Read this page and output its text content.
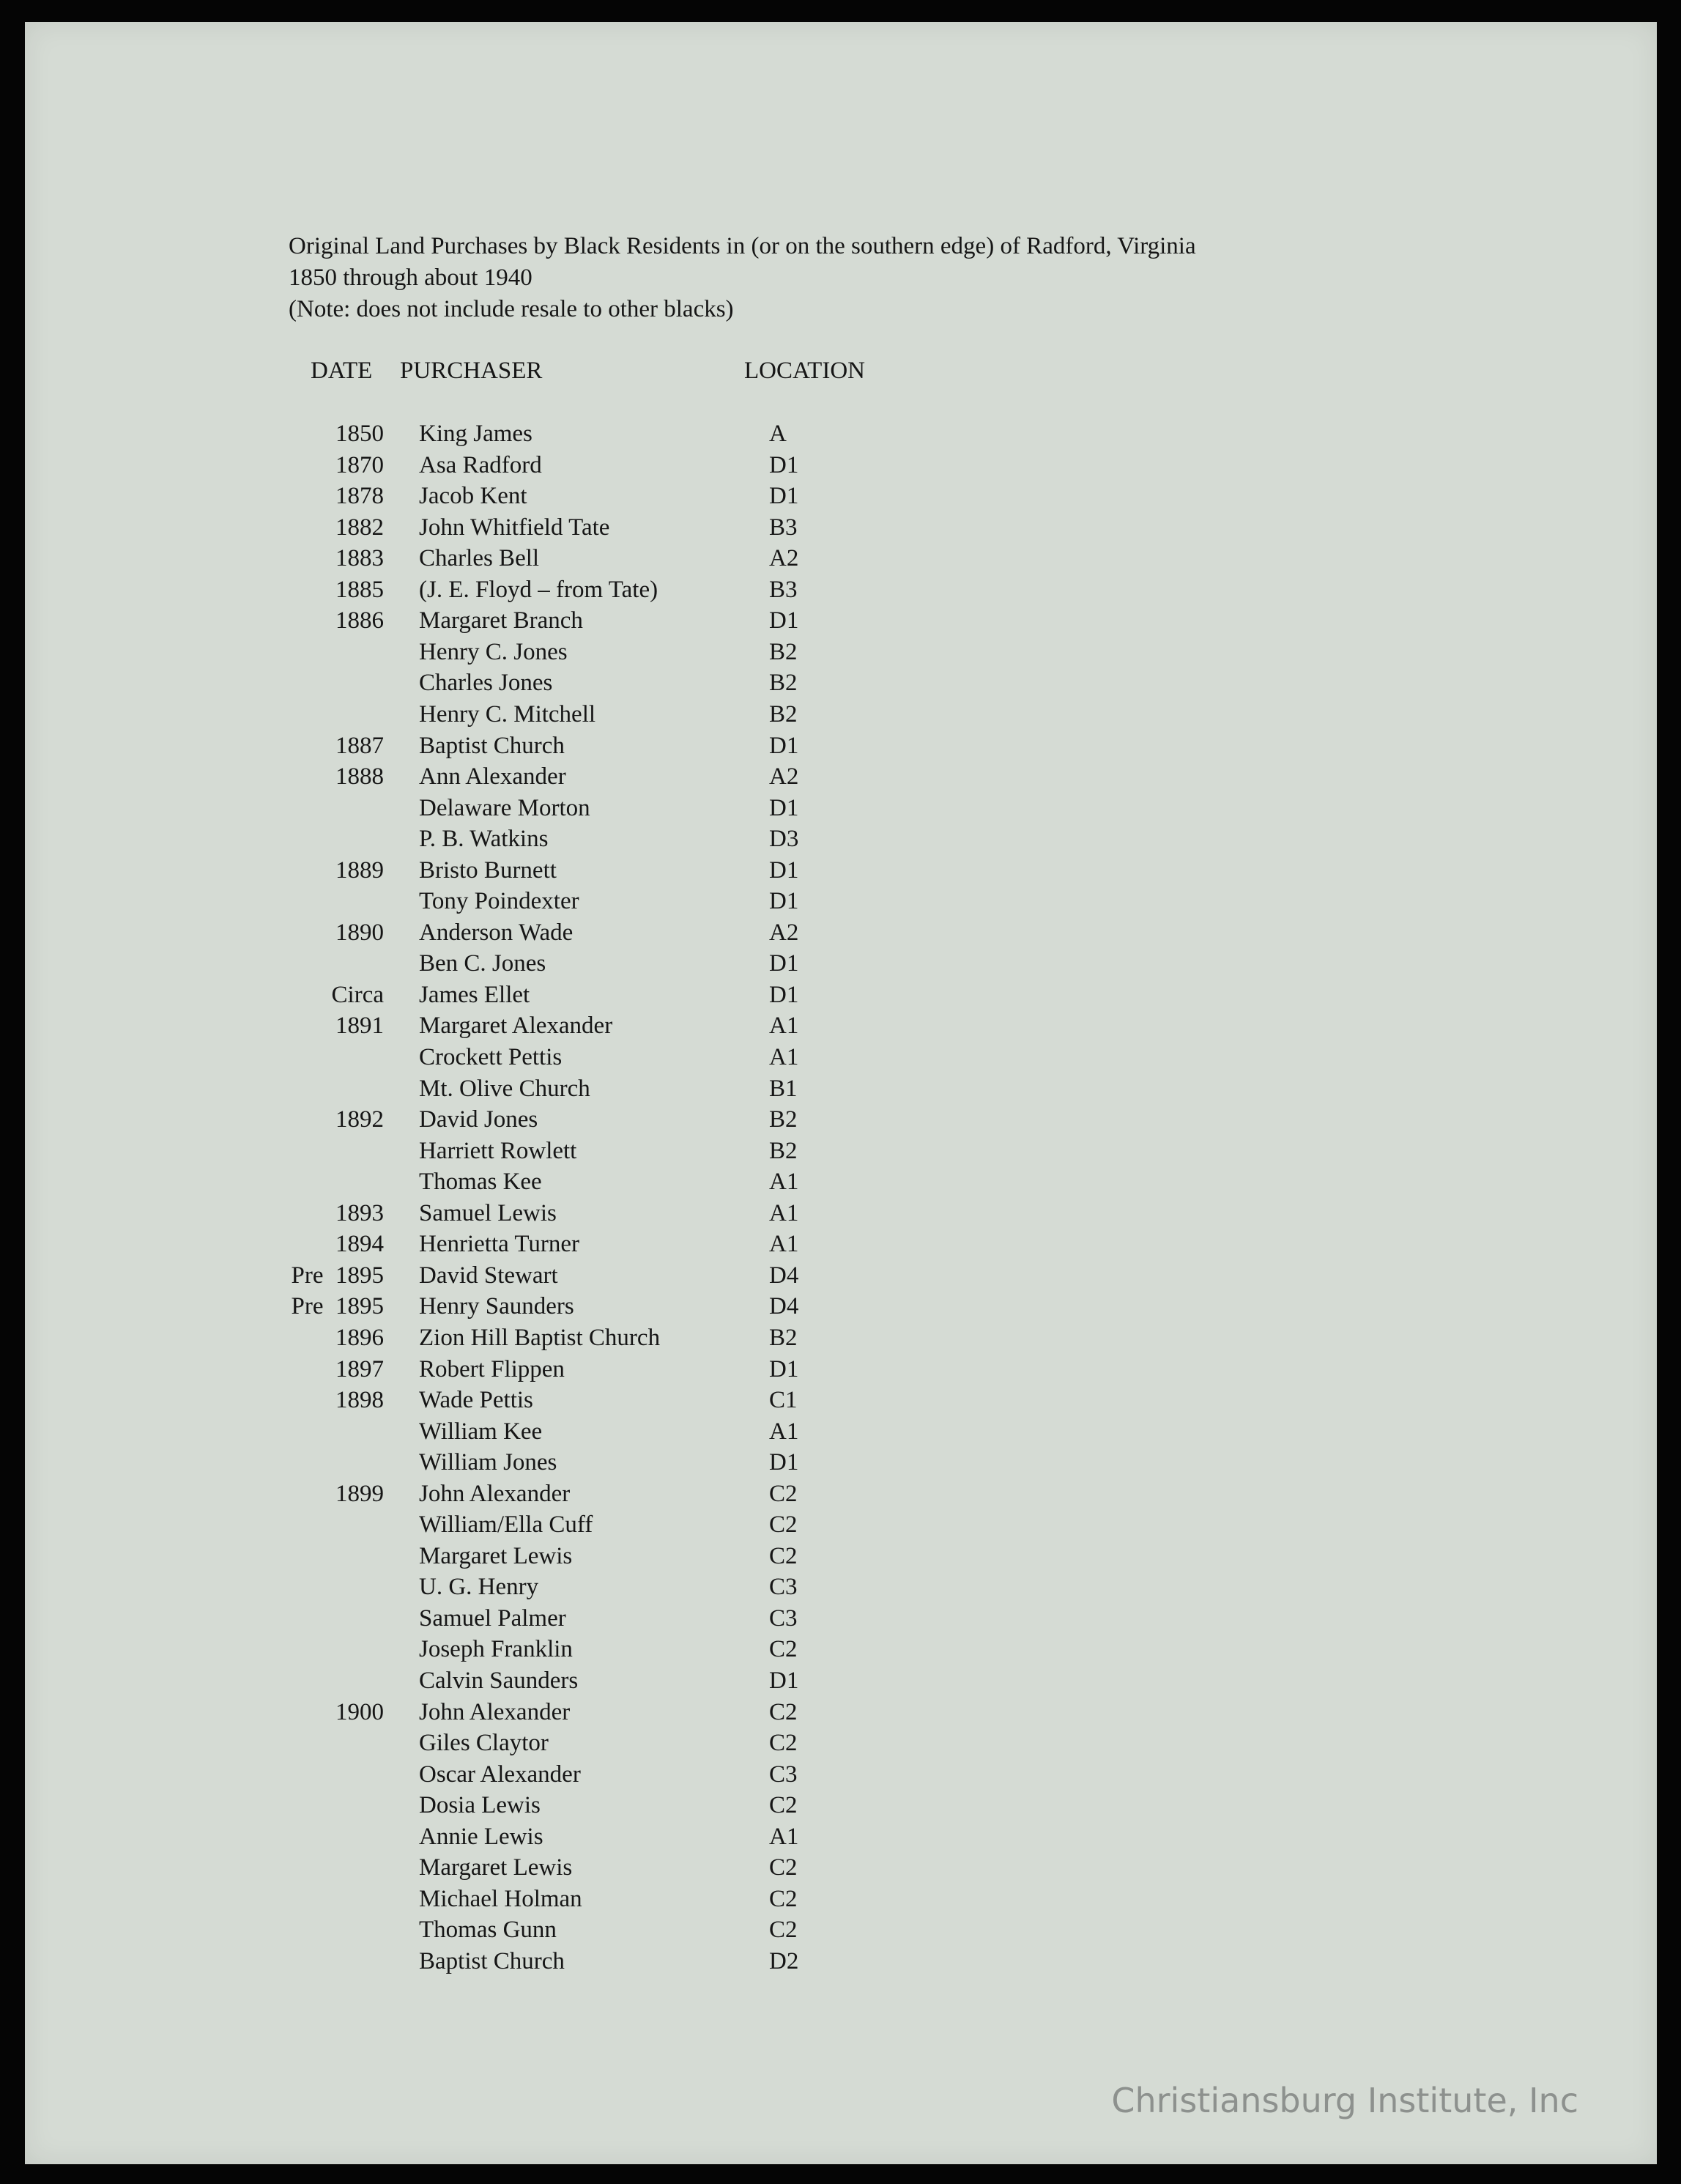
Original Land Purchases by Black Residents in (or on the southern edge) of Radford, Virginia
1850 through about 1940
(Note: does not include resale to other blacks)
DATE PURCHASER	LOCATION
1850 King James	A
1870 Asa Radford	D1
1878 Jacob Kent	D1
1882 John Whitfield Tate	B3
1883 Charles Bell	A2
1885 (J. E. Floyd – from Tate)	B3
1886 Margaret Branch	D1
Henry C. Jones	B2
Charles Jones	B2
Henry C. Mitchell	B2
1887 Baptist Church	D1
1888 Ann Alexander	A2
Delaware Morton	D1
P. B. Watkins	D3
1889 Bristo Burnett	D1
Tony Poindexter	D1
1890 Anderson Wade	A2
Ben C. Jones	D1
Circa James Ellet	D1
1891 Margaret Alexander	A1
Crockett Pettis	A1
Mt. Olive Church	B1
1892 David Jones	B2
Harriett Rowlett	B2
Thomas Kee	A1
1893 Samuel Lewis	A1
1894 Henrietta Turner	A1
Pre  1895 David Stewart	D4
Pre  1895 Henry Saunders	D4
1896 Zion Hill Baptist Church	B2
1897 Robert Flippen	D1
1898 Wade Pettis	C1
William Kee	A1
William Jones	D1
1899 John Alexander	C2
William/Ella Cuff	C2
Margaret Lewis	C2
U. G. Henry	C3
Samuel Palmer	C3
Joseph Franklin	C2
Calvin Saunders	D1
1900 John Alexander	C2
Giles Claytor	C2
Oscar Alexander	C3
Dosia Lewis	C2
Annie Lewis	A1
Margaret Lewis	C2
Michael Holman	C2
Thomas Gunn	C2
Baptist Church	D2
Christiansburg Institute, Inc
